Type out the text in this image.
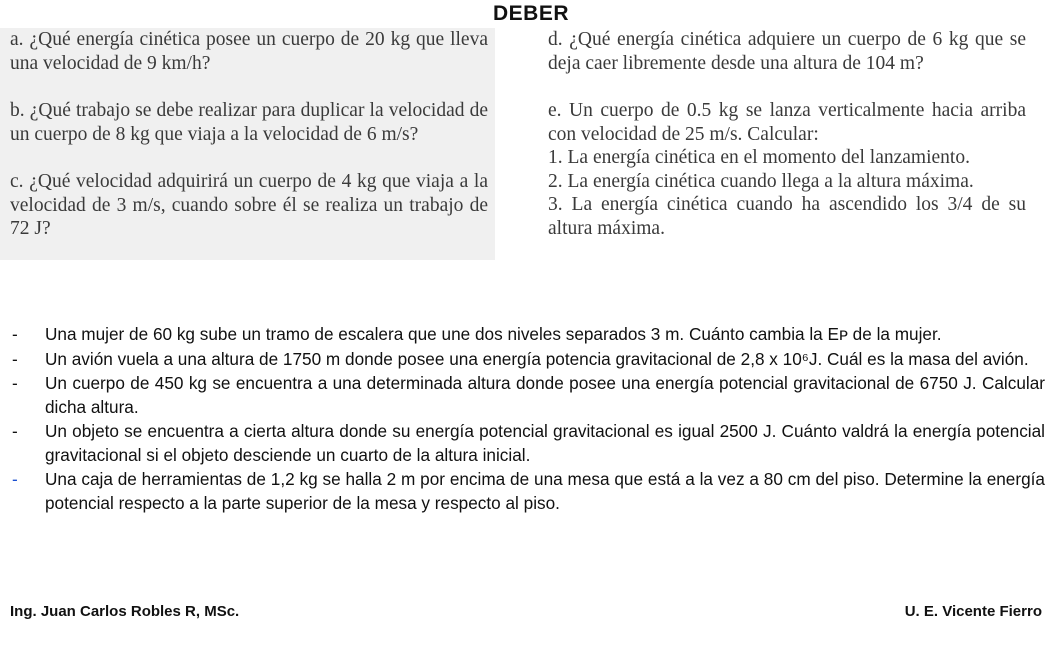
DEBER

a. ¿Qué energía cinética posee un cuerpo de 20 kg que lleva una velocidad de 9 km/h?

b. ¿Qué trabajo se debe realizar para duplicar la velocidad de un cuerpo de 8 kg que viaja a la velocidad de 6 m/s?

c. ¿Qué velocidad adquirirá un cuerpo de 4 kg que viaja a la velocidad de 3 m/s, cuando sobre él se realiza un trabajo de 72 J?

d. ¿Qué energía cinética adquiere un cuerpo de 6 kg que se deja caer libremente desde una altura de 104 m?

e. Un cuerpo de 0.5 kg se lanza verticalmente hacia arriba con velocidad de 25 m/s. Calcular:

1. La energía cinética en el momento del lanzamiento.

2. La energía cinética cuando llega a la altura máxima.

3. La energía cinética cuando ha ascendido los 3/4 de su altura máxima.

- Una mujer de 60 kg sube un tramo de escalera que une dos niveles separados 3 m. Cuánto cambia la Eᴘ de la mujer.
- Un avión vuela a una altura de 1750 m donde posee una energía potencia gravitacional de 2,8 x 10⁶J. Cuál es la masa del avión.
- Un cuerpo de 450 kg se encuentra a una determinada altura donde posee una energía potencial gravitacional de 6750 J. Calcular dicha altura.
- Un objeto se encuentra a cierta altura donde su energía potencial gravitacional es igual 2500 J. Cuánto valdrá la energía potencial gravitacional si el objeto desciende un cuarto de la altura inicial.
- Una caja de herramientas de 1,2 kg se halla 2 m por encima de una mesa que está a la vez a 80 cm del piso. Determine la energía potencial respecto a la parte superior de la mesa y respecto al piso.
Ing. Juan Carlos Robles R, MSc.	U. E. Vicente Fierro
